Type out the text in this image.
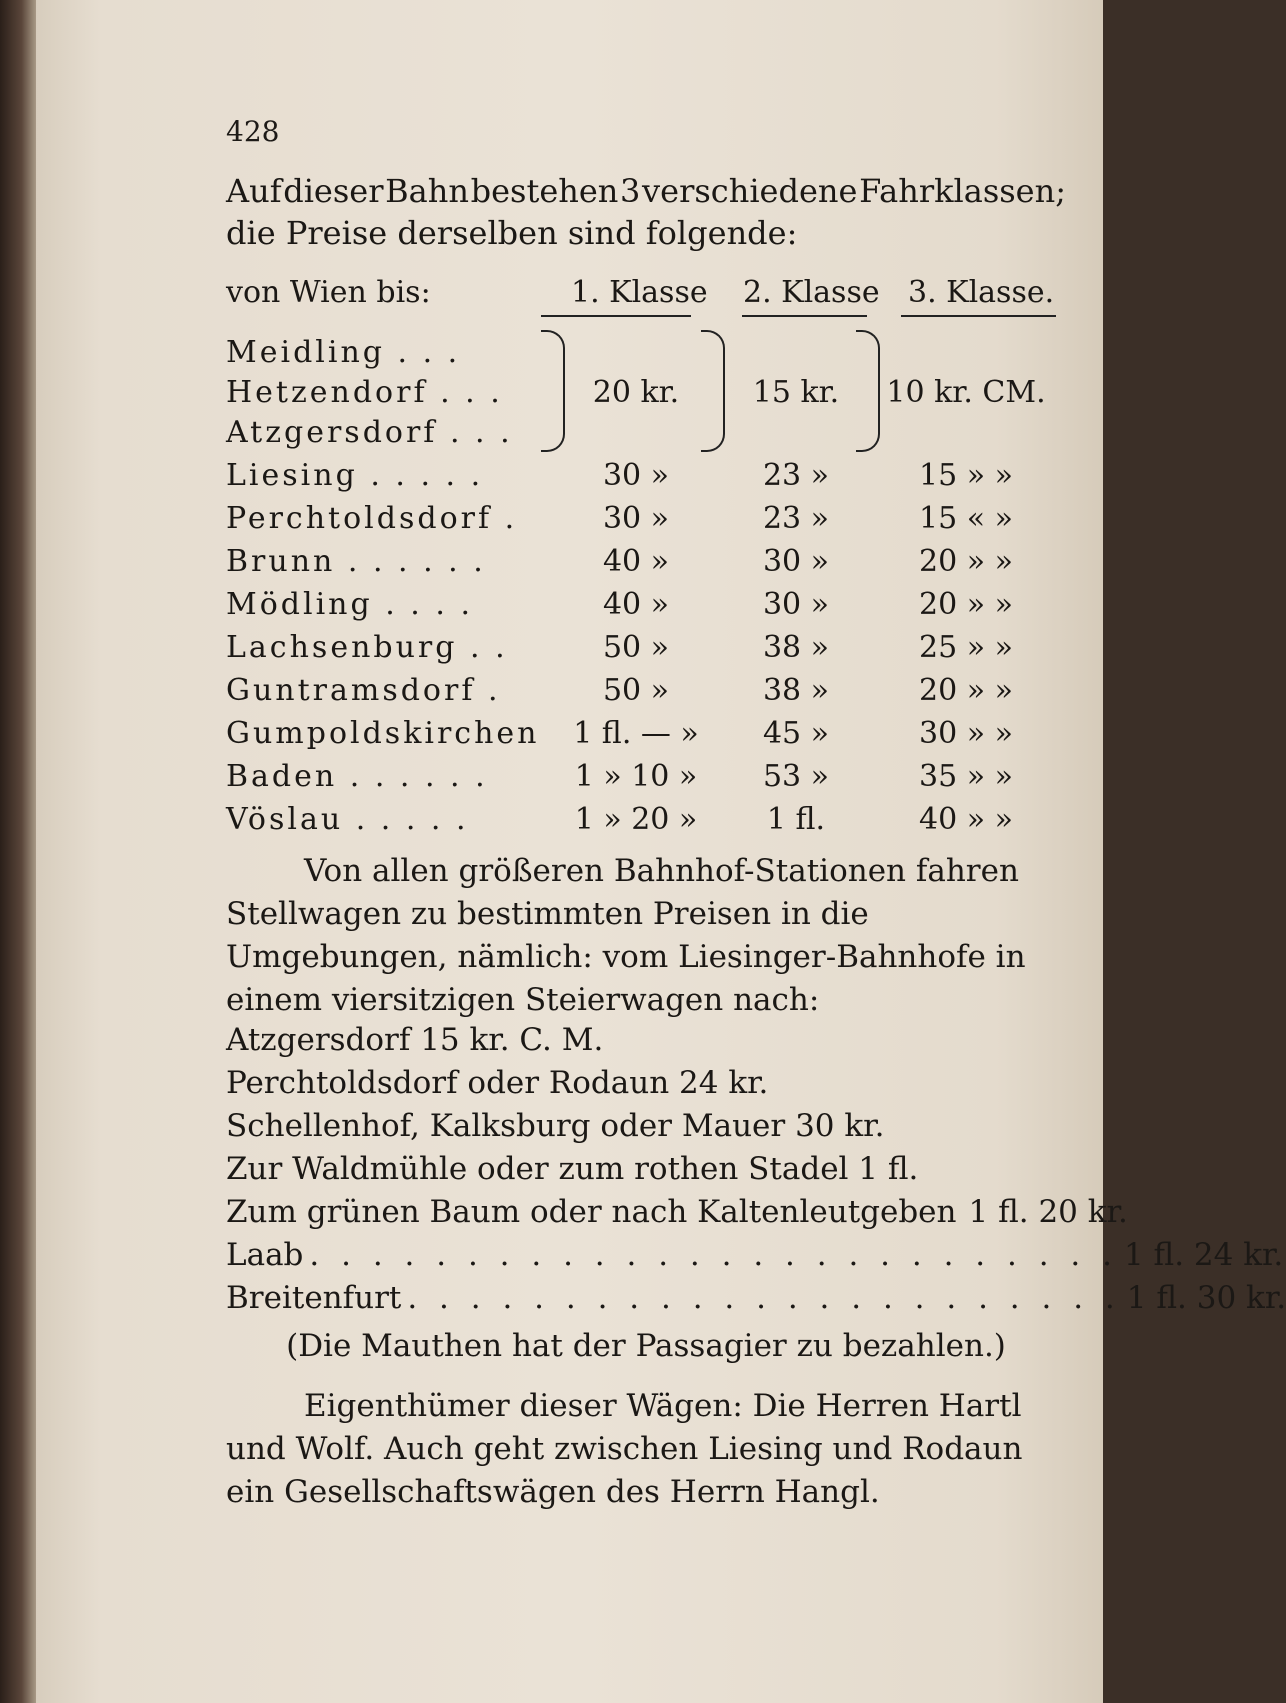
428
Auf dieser Bahn bestehen 3 verschiedene Fahrklassen;
die Preise derselben sind folgende:
von Wien bis:	1. Klasse 2. Klasse 3. Klasse.
Meidling . . .
Hetzendorf . . .	20 kr.	15 kr.	10 kr. CM.
Atzgersdorf . . .
Liesing . . . . .	30 »	23 »	15 » »
Perchtoldsdorf .	30 »	23 »	15 « »
Brunn . . . . . .	40 »	30 »	20 » »
Mödling . . . .	40 »	30 »	20 » »
Lachsenburg . .	50 »	38 »	25 » »
Guntramsdorf .	50 »	38 »	20 » »
Gumpoldskirchen	1 fl. — »	45 »	30 » »
Baden . . . . . .	1 » 10 »	53 »	35 » »
Vöslau . . . . .	1 » 20 »	1 fl.	40 » »
Von allen größeren Bahnhof-Stationen fahren Stellwagen zu bestimmten Preisen in die Umgebungen, nämlich: vom Liesinger-Bahnhofe in einem viersitzigen Steierwagen nach:
Atzgersdorf 15 kr. C. M.
Perchtoldsdorf oder Rodaun 24 kr.
Schellenhof, Kalksburg oder Mauer 30 kr.
Zur Waldmühle oder zum rothen Stadel 1 fl.
Zum grünen Baum oder nach Kaltenleutgeben 1 fl. 20 kr.
Laab . . . . . . . . . . . . . . . . . . . . . . . . . . 1 fl. 24 kr.
Breitenfurt . . . . . . . . . . . . . . . . . . . . . . . 1 fl. 30 kr.
(Die Mauthen hat der Passagier zu bezahlen.)
Eigenthümer dieser Wägen: Die Herren Hartl und Wolf. Auch geht zwischen Liesing und Rodaun ein Gesellschaftswägen des Herrn Hangl.
